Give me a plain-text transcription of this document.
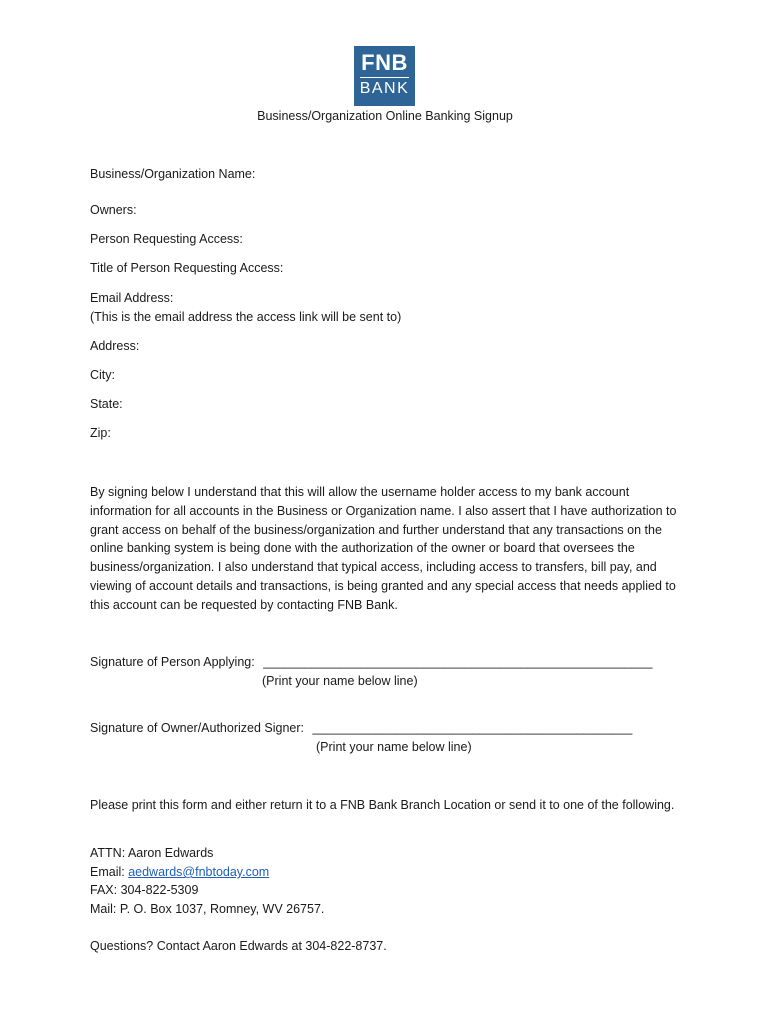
FNB
BANK
Business/Organization Online Banking Signup
Business/Organization Name:
Owners:
Person Requesting Access:
Title of Person Requesting Access:
Email Address:
(This is the email address the access link will be sent to)
Address:
City:
State:
Zip:
By signing below I understand that this will allow the username holder access to my bank account information for all accounts in the Business or Organization name. I also assert that I have authorization to grant access on behalf of the business/organization and further understand that any transactions on the online banking system is being done with the authorization of the owner or board that oversees the business/organization. I also understand that typical access, including access to transfers, bill pay, and viewing of account details and transactions, is being granted and any special access that needs applied to this account can be requested by contacting FNB Bank.
Signature of Person Applying: ________________________________________________________
(Print your name below line)
Signature of Owner/Authorized Signer: ______________________________________________
(Print your name below line)
Please print this form and either return it to a FNB Bank Branch Location or send it to one of the following.
ATTN: Aaron Edwards
Email: aedwards@fnbtoday.com
FAX: 304-822-5309
Mail: P. O. Box 1037, Romney, WV 26757.
Questions? Contact Aaron Edwards at 304-822-8737.
